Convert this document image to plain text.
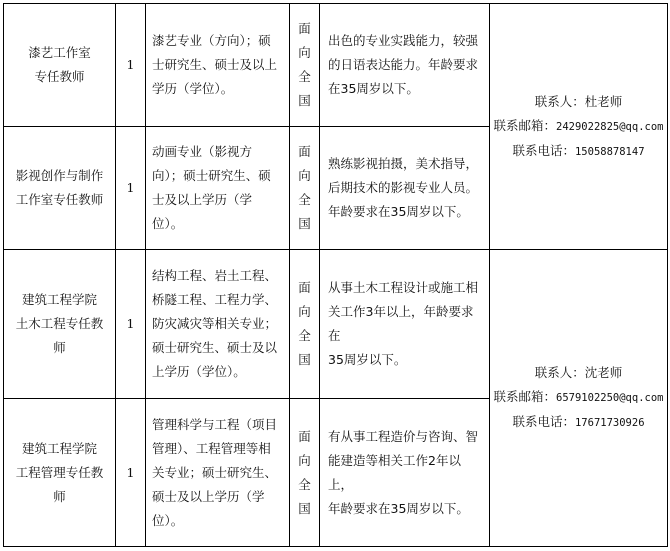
漆艺工作室
专任教师	1	漆艺专业（方向）；硕
士研究生、硕士及以上
学历（学位）。	面
向
全
国	出色的专业实践能力，较强
的日语表达能力。年龄要求
在35周岁以下。	联系人：杜老师
联系邮箱：2429022825@qq.com
联系电话：15058878147

影视创作与制作
工作室专任教师	1	动画专业（影视方
向）；硕士研究生、硕
士及以上学历（学
位）。	面
向
全
国	熟练影视拍摄，美术指导，
后期技术的影视专业人员。
年龄要求在35周岁以下。	

建筑工程学院
土木工程专任教
师	1	结构工程、岩土工程、
桥隧工程、工程力学、
防灾减灾等相关专业；
硕士研究生、硕士及以
上学历（学位）。	面
向
全
国	从事土木工程设计或施工相
关工作3年以上，年龄要求在
35周岁以下。	联系人：沈老师
联系邮箱：6579102250@qq.com
联系电话：17671730926

建筑工程学院
工程管理专任教
师	1	管理科学与工程（项目
管理）、工程管理等相
关专业；硕士研究生、
硕士及以上学历（学
位）。	面
向
全
国	有从事工程造价与咨询、智
能建造等相关工作2年以上，
年龄要求在35周岁以下。	
